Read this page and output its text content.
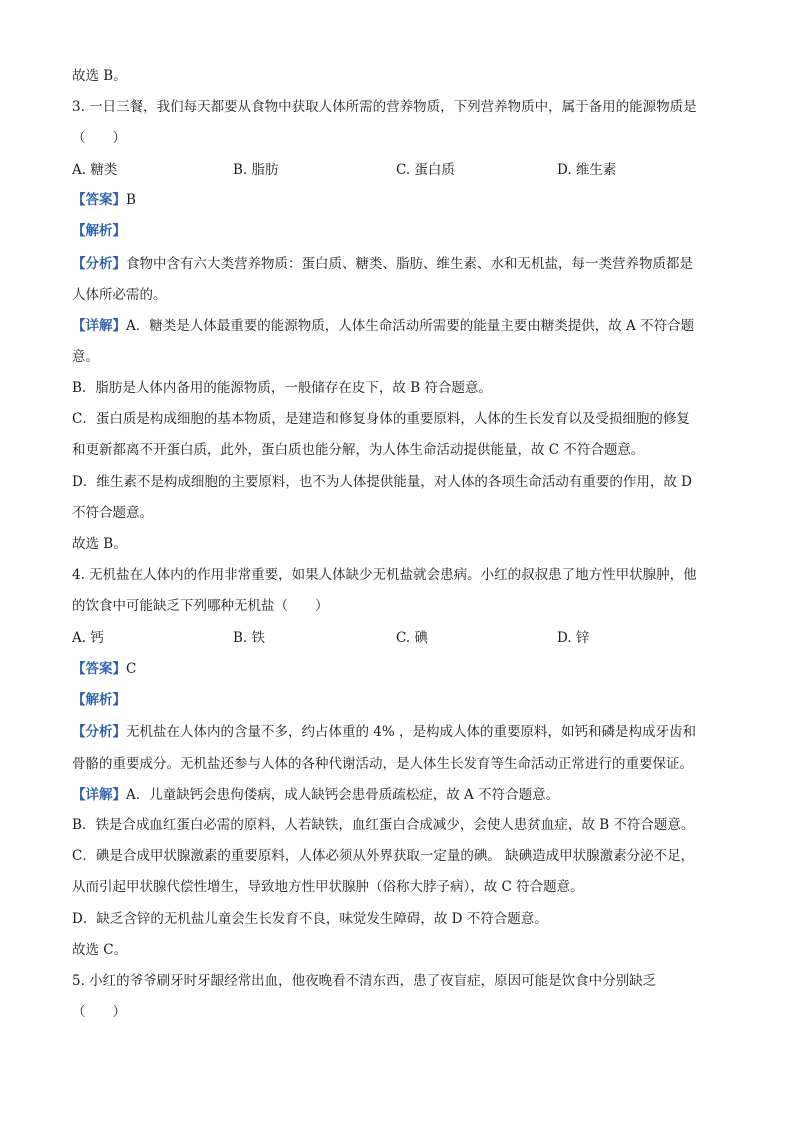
故选 B。
3. 一日三餐，我们每天都要从食物中获取人体所需的营养物质，下列营养物质中，属于备用的能源物质是
（　　）
A. 糖类	B. 脂肪	C. 蛋白质	D. 维生素
【答案】B
【解析】
【分析】食物中含有六大类营养物质：蛋白质、糖类、脂肪、维生素、水和无机盐，每一类营养物质都是
人体所必需的。
【详解】A．糖类是人体最重要的能源物质，人体生命活动所需要的能量主要由糖类提供，故 A 不符合题
意。
B．脂肪是人体内备用的能源物质，一般储存在皮下，故 B 符合题意。
C．蛋白质是构成细胞的基本物质，是建造和修复身体的重要原料，人体的生长发育以及受损细胞的修复
和更新都离不开蛋白质，此外，蛋白质也能分解，为人体生命活动提供能量，故 C 不符合题意。
D．维生素不是构成细胞的主要原料，也不为人体提供能量，对人体的各项生命活动有重要的作用，故 D
不符合题意。
故选 B。
4. 无机盐在人体内的作用非常重要，如果人体缺少无机盐就会患病。小红的叔叔患了地方性甲状腺肿，他
的饮食中可能缺乏下列哪种无机盐（　　）
A. 钙	B. 铁	C. 碘	D. 锌
【答案】C
【解析】
【分析】无机盐在人体内的含量不多，约占体重的 4% ，是构成人体的重要原料，如钙和磷是构成牙齿和
骨骼的重要成分。无机盐还参与人体的各种代谢活动，是人体生长发育等生命活动正常进行的重要保证。
【详解】A．儿童缺钙会患佝偻病，成人缺钙会患骨质疏松症，故 A 不符合题意。
B．铁是合成血红蛋白必需的原料，人若缺铁，血红蛋白合成减少，会使人患贫血症，故 B 不符合题意。
C．碘是合成甲状腺激素的重要原料，人体必须从外界获取一定量的碘。 缺碘造成甲状腺激素分泌不足，
从而引起甲状腺代偿性增生，导致地方性甲状腺肿（俗称大脖子病），故 C 符合题意。
D．缺乏含锌的无机盐儿童会生长发育不良，味觉发生障碍，故 D 不符合题意。
故选 C。
5. 小红的爷爷刷牙时牙龈经常出血，他夜晚看不清东西，患了夜盲症，原因可能是饮食中分别缺乏
（　　）
